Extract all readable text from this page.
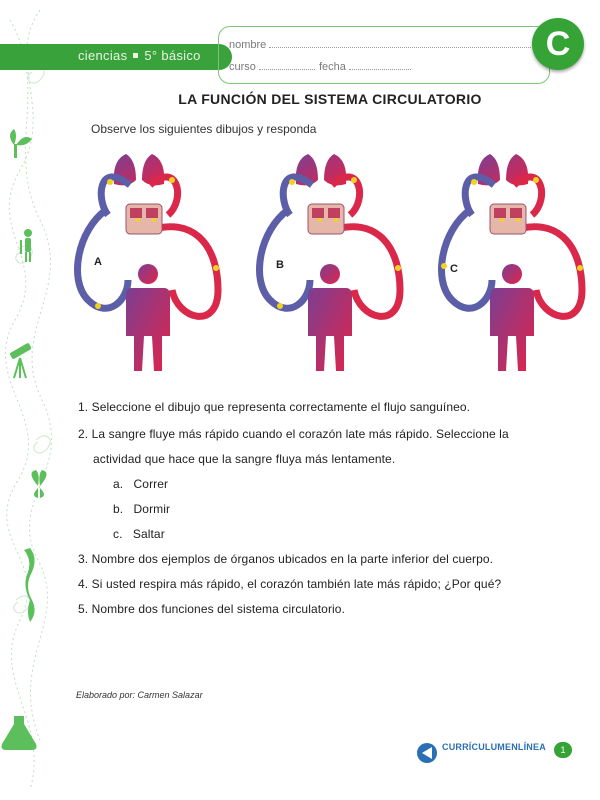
ciencias 5° básico
nombre
curso	fecha
C
LA FUNCIÓN DEL SISTEMA CIRCULATORIO
Observe los siguientes dibujos y responda
A	B	C
1. Seleccione el dibujo que representa correctamente el flujo sanguíneo.
2. La sangre fluye más rápido cuando el corazón late más rápido. Seleccione la
actividad que hace que la sangre fluya más lentamente.
a. Correr
b. Dormir
c. Saltar
3. Nombre dos ejemplos de órganos ubicados en la parte inferior del cuerpo.
4. Si usted respira más rápido, el corazón también late más rápido; ¿Por qué?
5. Nombre dos funciones del sistema circulatorio.
Elaborado por: Carmen Salazar
CURRÍCULUMENLÍNEA	1
